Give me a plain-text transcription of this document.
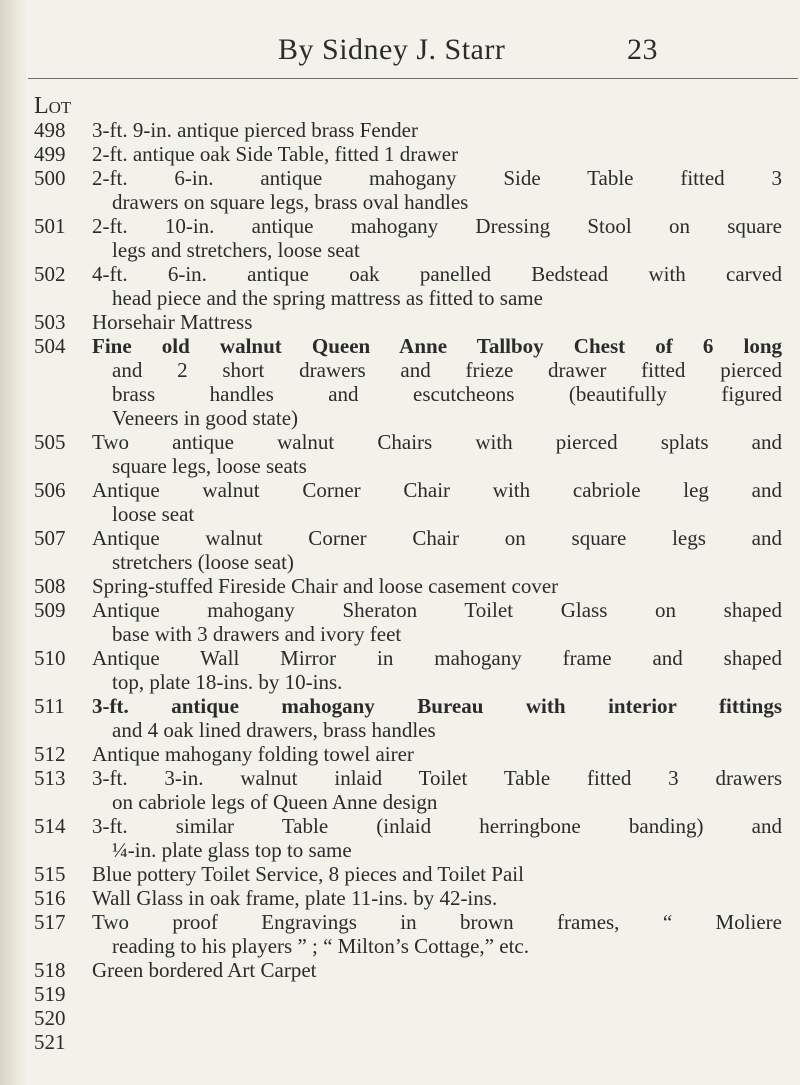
By Sidney J. Starr	23
Lot
498
499
500
501
502
503
504
505
506
507
508
509
510
511
512
513
514
515
516
517
518
519
520
521
3-ft. 9-in. antique pierced brass Fender
2-ft. antique oak Side Table, fitted 1 drawer
2-ft. 6-in. antique mahogany Side Table fitted 3
drawers on square legs, brass oval handles
2-ft. 10-in. antique mahogany Dressing Stool on square
legs and stretchers, loose seat
4-ft. 6-in. antique oak panelled Bedstead with carved
head piece and the spring mattress as fitted to same
Horsehair Mattress
Fine old walnut Queen Anne Tallboy Chest of 6 long
and 2 short drawers and frieze drawer fitted pierced
brass handles and escutcheons (beautifully figured
Veneers in good state)
Two antique walnut Chairs with pierced splats and
square legs, loose seats
Antique walnut Corner Chair with cabriole leg and
loose seat
Antique walnut Corner Chair on square legs and
stretchers (loose seat)
Spring-stuffed Fireside Chair and loose casement cover
Antique mahogany Sheraton Toilet Glass on shaped
base with 3 drawers and ivory feet
Antique Wall Mirror in mahogany frame and shaped
top, plate 18-ins. by 10-ins.
3-ft. antique mahogany Bureau with interior fittings
and 4 oak lined drawers, brass handles
Antique mahogany folding towel airer
3-ft. 3-in. walnut inlaid Toilet Table fitted 3 drawers
on cabriole legs of Queen Anne design
3-ft. similar Table (inlaid herringbone banding) and
¼-in. plate glass top to same
Blue pottery Toilet Service, 8 pieces and Toilet Pail
Wall Glass in oak frame, plate 11-ins. by 42-ins.
Two proof Engravings in brown frames, “ Moliere
reading to his players ” ; “ Milton’s Cottage,” etc.
Green bordered Art Carpet
